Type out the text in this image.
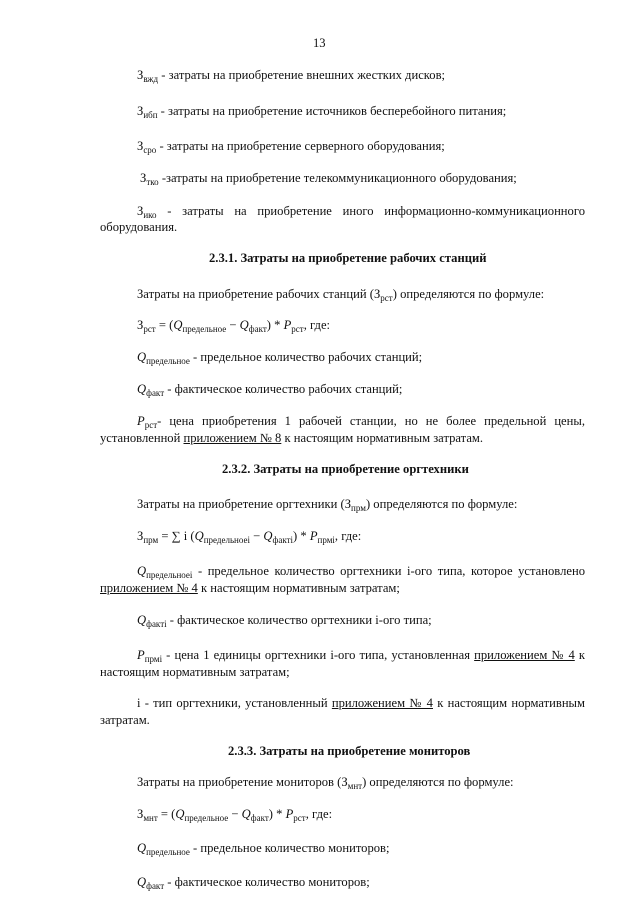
13
$З_{вжд}$ - затраты на приобретение внешних жестких дисков;
$З_{ибп}$ - затраты на приобретение источников бесперебойного питания;
$З_{сро}$ - затраты на приобретение серверного оборудования;
$З_{тко}$ -затраты на приобретение телекоммуникационного оборудования;
$З_{ико}$ - затраты на приобретение иного информационно-коммуникационного
оборудования.
2.3.1. Затраты на приобретение рабочих станций
Затраты на приобретение рабочих станций $(З_{рст})$ определяются по формуле:
$З_{рст} = (Q_{предельное} - Q_{факт}) * P_{рст}$, где:
$Q_{предельное}$ - предельное количество рабочих станций;
$Q_{факт}$ - фактическое количество рабочих станций;
$P_{рст}-$ цена приобретения 1 рабочей станции, но не более предельной цены,
установленной приложением № 8 к настоящим нормативным затратам.
2.3.2. Затраты на приобретение оргтехники
Затраты на приобретение оргтехники $(З_{прм})$ определяются по формуле:
$З_{прм}$ = ∑ i $(Q_{предельноеi} - Q_{фактi}) * P_{прмi}$, где:
$Q_{предельноеi}$ - предельное количество оргтехники i-ого типа, которое установлено
приложением № 4 к настоящим нормативным затратам;
$Q_{фактi}$ - фактическое количество оргтехники i-ого типа;
$P_{прмi}$ - цена 1 единицы оргтехники i-ого типа, установленная приложением № 4 к
настоящим нормативным затратам;
i - тип оргтехники, установленный приложением № 4 к настоящим нормативным
затратам.
2.3.3. Затраты на приобретение мониторов
Затраты на приобретение мониторов $(З_{мнт})$ определяются по формуле:
$З_{мнт} = (Q_{предельное} - Q_{факт}) * P_{рст}$, где:
$Q_{предельное}$ - предельное количество мониторов;
$Q_{факт}$ - фактическое количество мониторов;
